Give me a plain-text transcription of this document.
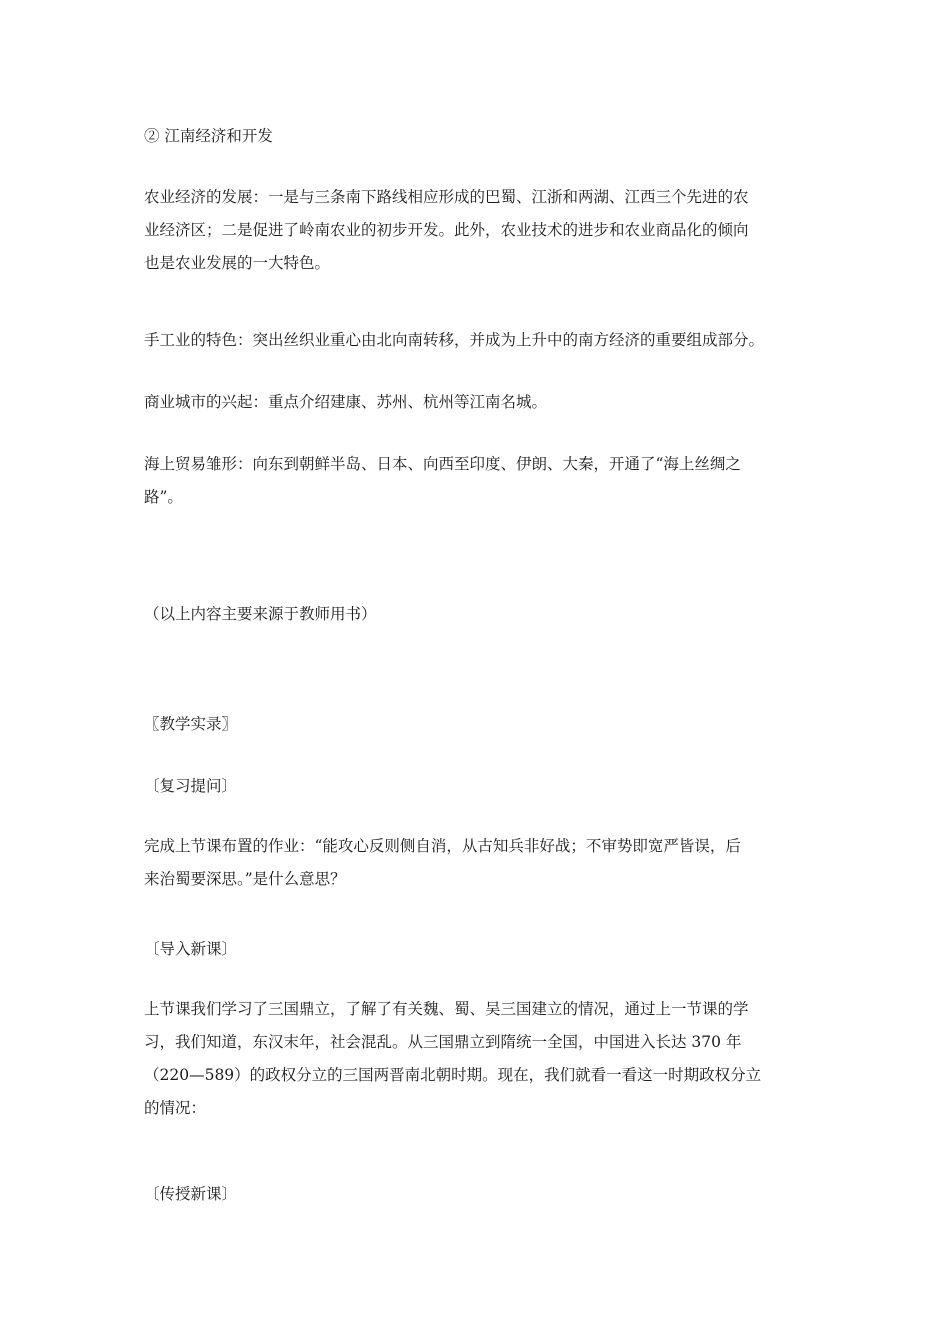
② 江南经济和开发

农业经济的发展：一是与三条南下路线相应形成的巴蜀、江浙和两湖、江西三个先进的农
业经济区；二是促进了岭南农业的初步开发。此外，农业技术的进步和农业商品化的倾向
也是农业发展的一大特色。

手工业的特色：突出丝织业重心由北向南转移，并成为上升中的南方经济的重要组成部分。

商业城市的兴起：重点介绍建康、苏州、杭州等江南名城。

海上贸易雏形：向东到朝鲜半岛、日本、向西至印度、伊朗、大秦，开通了“海上丝绸之
路”。

（以上内容主要来源于教师用书）

〖教学实录〗

〔复习提问〕

完成上节课布置的作业：“能攻心反则侧自消，从古知兵非好战；不审势即宽严皆误，后
来治蜀要深思。”是什么意思？

〔导入新课〕

上节课我们学习了三国鼎立，了解了有关魏、蜀、吴三国建立的情况，通过上一节课的学
习，我们知道，东汉末年，社会混乱。从三国鼎立到隋统一全国，中国进入长达 370 年
（220—589）的政权分立的三国两晋南北朝时期。现在，我们就看一看这一时期政权分立
的情况：

〔传授新课〕
